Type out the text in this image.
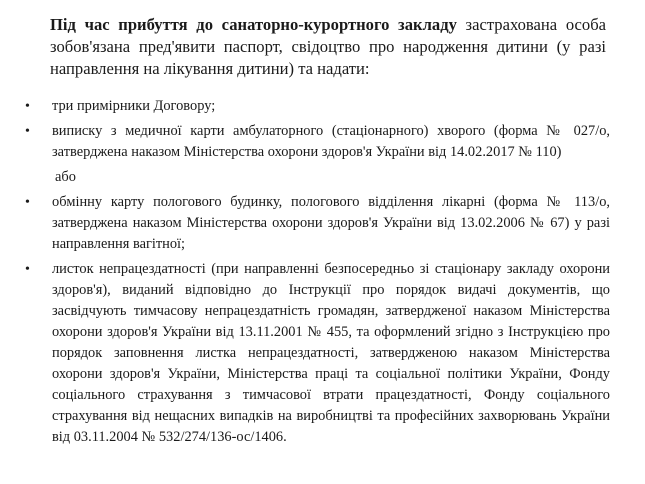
Під час прибуття до санаторно-курортного закладу застрахована особа зобов'язана пред'явити паспорт, свідоцтво про народження дитини (у разі направлення на лікування дитини) та надати:

• три примірники Договору;
• виписку з медичної карти амбулаторного (стаціонарного) хворого (форма № 027/о, затверджена наказом Міністерства охорони здоров'я України від 14.02.2017 № 110)
або
• обмінну карту пологового будинку, пологового відділення лікарні (форма № 113/о, затверджена наказом Міністерства охорони здоров'я України від 13.02.2006 № 67) у разі направлення вагітної;
• листок непрацездатності (при направленні безпосередньо зі стаціонару закладу охорони здоров'я), виданий відповідно до Інструкції про порядок видачі документів, що засвідчують тимчасову непрацездатність громадян, затвердженої наказом Міністерства охорони здоров'я України від 13.11.2001 № 455, та оформлений згідно з Інструкцією про порядок заповнення листка непрацездатності, затвердженою наказом Міністерства охорони здоров'я України, Міністерства праці та соціальної політики України, Фонду соціального страхування з тимчасової втрати працездатності, Фонду соціального страхування від нещасних випадків на виробництві та професійних захворювань України від 03.11.2004 № 532/274/136-ос/1406.
